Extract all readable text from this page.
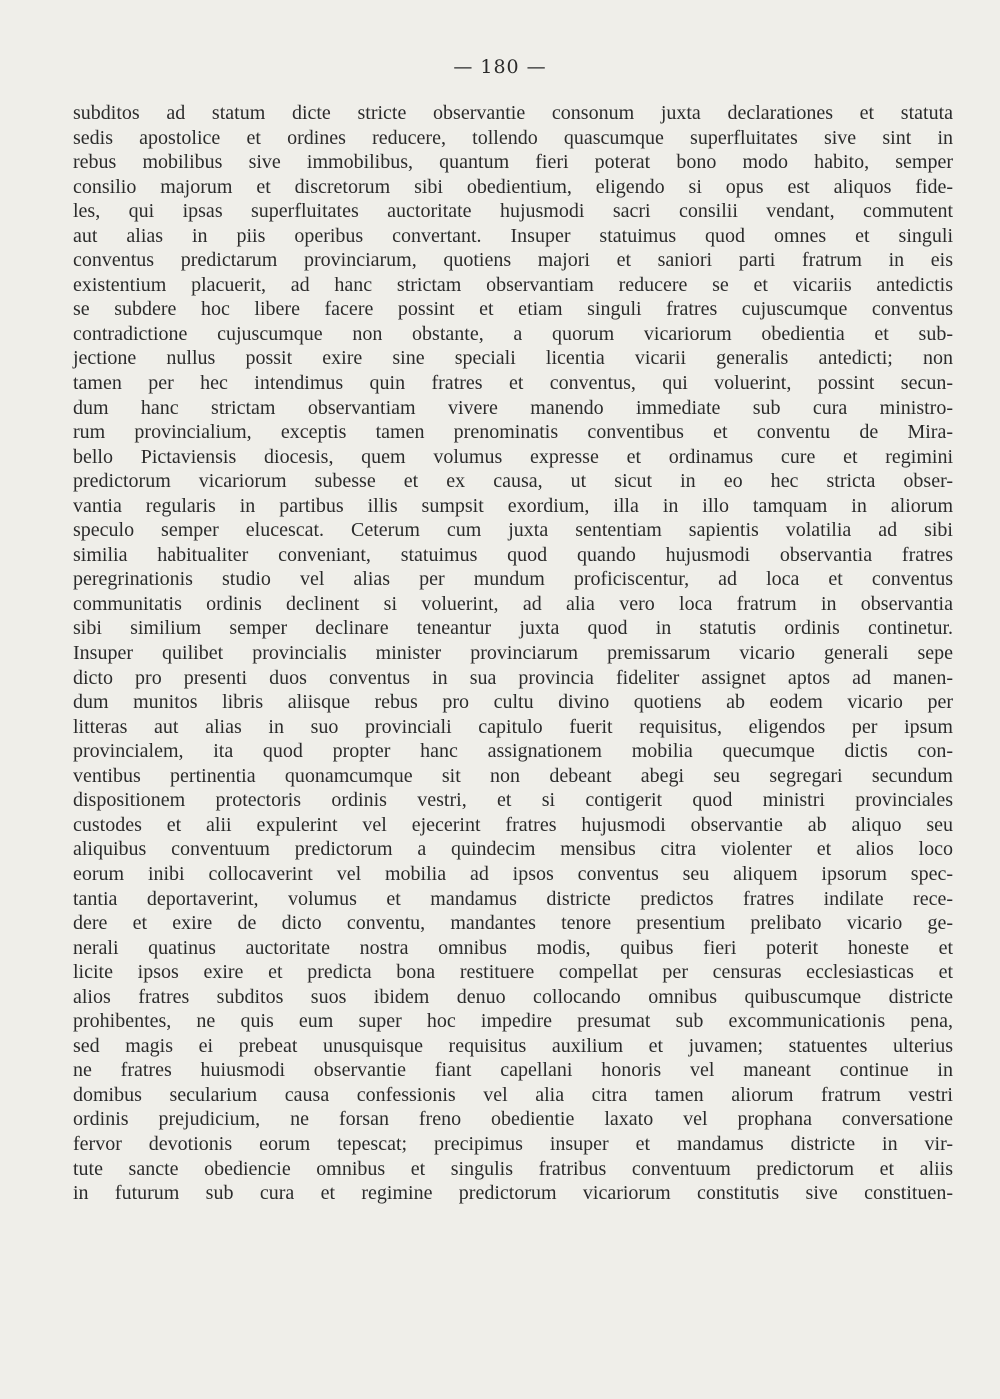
— 180 —
subditos ad statum dicte stricte observantie consonum juxta declarationes et statuta
sedis apostolice et ordines reducere, tollendo quascumque superfluitates sive sint in
rebus mobilibus sive immobilibus, quantum fieri poterat bono modo habito, semper
consilio majorum et discretorum sibi obedientium, eligendo si opus est aliquos fide-
les, qui ipsas superfluitates auctoritate hujusmodi sacri consilii vendant, commutent
aut alias in piis operibus convertant. Insuper statuimus quod omnes et singuli
conventus predictarum provinciarum, quotiens majori et saniori parti fratrum in eis
existentium placuerit, ad hanc strictam observantiam reducere se et vicariis antedictis
se subdere hoc libere facere possint et etiam singuli fratres cujuscumque conventus
contradictione cujuscumque non obstante, a quorum vicariorum obedientia et sub-
jectione nullus possit exire sine speciali licentia vicarii generalis antedicti; non
tamen per hec intendimus quin fratres et conventus, qui voluerint, possint secun-
dum hanc strictam observantiam vivere manendo immediate sub cura ministro-
rum provincialium, exceptis tamen prenominatis conventibus et conventu de Mira-
bello Pictaviensis diocesis, quem volumus expresse et ordinamus cure et regimini
predictorum vicariorum subesse et ex causa, ut sicut in eo hec stricta obser-
vantia regularis in partibus illis sumpsit exordium, illa in illo tamquam in aliorum
speculo semper elucescat. Ceterum cum juxta sententiam sapientis volatilia ad sibi
similia habitualiter conveniant, statuimus quod quando hujusmodi observantia fratres
peregrinationis studio vel alias per mundum proficiscentur, ad loca et conventus
communitatis ordinis declinent si voluerint, ad alia vero loca fratrum in observantia
sibi similium semper declinare teneantur juxta quod in statutis ordinis continetur.
Insuper quilibet provincialis minister provinciarum premissarum vicario generali sepe
dicto pro presenti duos conventus in sua provincia fideliter assignet aptos ad manen-
dum munitos libris aliisque rebus pro cultu divino quotiens ab eodem vicario per
litteras aut alias in suo provinciali capitulo fuerit requisitus, eligendos per ipsum
provincialem, ita quod propter hanc assignationem mobilia quecumque dictis con-
ventibus pertinentia quonamcumque sit non debeant abegi seu segregari secundum
dispositionem protectoris ordinis vestri, et si contigerit quod ministri provinciales
custodes et alii expulerint vel ejecerint fratres hujusmodi observantie ab aliquo seu
aliquibus conventuum predictorum a quindecim mensibus citra violenter et alios loco
eorum inibi collocaverint vel mobilia ad ipsos conventus seu aliquem ipsorum spec-
tantia deportaverint, volumus et mandamus districte predictos fratres indilate rece-
dere et exire de dicto conventu, mandantes tenore presentium prelibato vicario ge-
nerali quatinus auctoritate nostra omnibus modis, quibus fieri poterit honeste et
licite ipsos exire et predicta bona restituere compellat per censuras ecclesiasticas et
alios fratres subditos suos ibidem denuo collocando omnibus quibuscumque districte
prohibentes, ne quis eum super hoc impedire presumat sub excommunicationis pena,
sed magis ei prebeat unusquisque requisitus auxilium et juvamen; statuentes ulterius
ne fratres huiusmodi observantie fiant capellani honoris vel maneant continue in
domibus secularium causa confessionis vel alia citra tamen aliorum fratrum vestri
ordinis prejudicium, ne forsan freno obedientie laxato vel prophana conversatione
fervor devotionis eorum tepescat; precipimus insuper et mandamus districte in vir-
tute sancte obediencie omnibus et singulis fratribus conventuum predictorum et aliis
in futurum sub cura et regimine predictorum vicariorum constitutis sive constituen-
